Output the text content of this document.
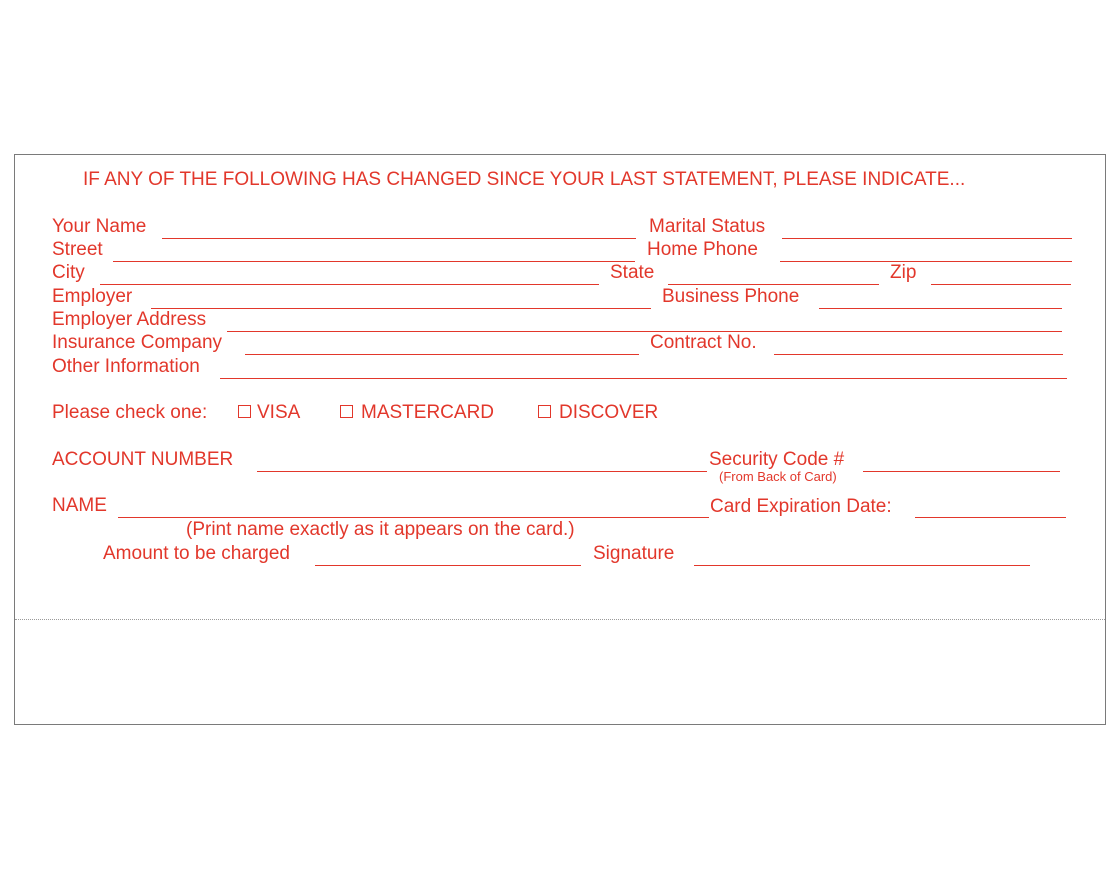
IF ANY OF THE FOLLOWING HAS CHANGED SINCE YOUR LAST STATEMENT, PLEASE INDICATE...
Your Name	Marital Status
Street	Home Phone
City	State	Zip
Employer	Business Phone
Employer Address
Insurance Company	Contract No.
Other Information
Please check one:	VISA	MASTERCARD	DISCOVER
ACCOUNT NUMBER	Security Code #
(From Back of Card)
NAME	Card Expiration Date:
(Print name exactly as it appears on the card.)
Amount to be charged	Signature
